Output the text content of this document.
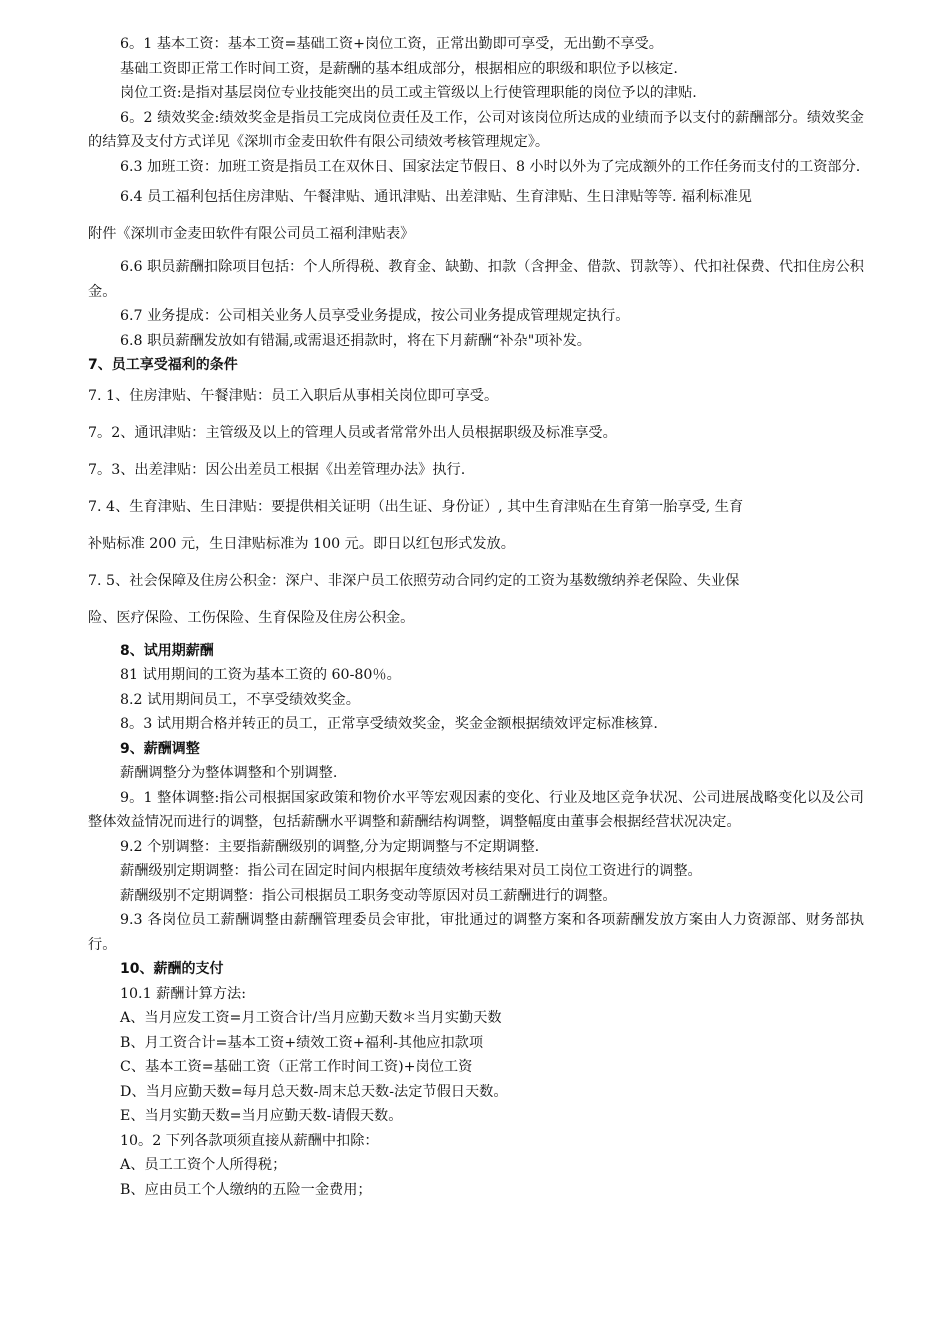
6。1 基本工资：基本工资=基础工资+岗位工资，正常出勤即可享受，无出勤不享受。

基础工资即正常工作时间工资，是薪酬的基本组成部分，根据相应的职级和职位予以核定.

岗位工资:是指对基层岗位专业技能突出的员工或主管级以上行使管理职能的岗位予以的津贴.

6。2 绩效奖金:绩效奖金是指员工完成岗位责任及工作，公司对该岗位所达成的业绩而予以支付的薪酬部分。绩效奖金的结算及支付方式详见《深圳市金麦田软件有限公司绩效考核管理规定》。

6.3 加班工资：加班工资是指员工在双休日、国家法定节假日、8 小时以外为了完成额外的工作任务而支付的工资部分.

6.4 员工福利包括住房津贴、午餐津贴、通讯津贴、出差津贴、生育津贴、生日津贴等等. 福利标准见

附件《深圳市金麦田软件有限公司员工福利津贴表》

6.6 职员薪酬扣除项目包括：个人所得税、教育金、缺勤、扣款（含押金、借款、罚款等）、代扣社保费、代扣住房公积金。

6.7 业务提成：公司相关业务人员享受业务提成，按公司业务提成管理规定执行。

6.8 职员薪酬发放如有错漏,或需退还捐款时，将在下月薪酬“补杂"项补发。

7、员工享受福利的条件

7. 1、住房津贴、午餐津贴：员工入职后从事相关岗位即可享受。

7。2、通讯津贴：主管级及以上的管理人员或者常常外出人员根据职级及标准享受。

7。3、出差津贴：因公出差员工根据《出差管理办法》执行.

7. 4、生育津贴、生日津贴：要提供相关证明（出生证、身份证）, 其中生育津贴在生育第一胎享受, 生育

补贴标准 200 元，生日津贴标准为 100 元。即日以红包形式发放。

7. 5、社会保障及住房公积金：深户、非深户员工依照劳动合同约定的工资为基数缴纳养老保险、失业保

险、医疗保险、工伤保险、生育保险及住房公积金。

8、试用期薪酬

81 试用期间的工资为基本工资的 60-80％。

8.2 试用期间员工，不享受绩效奖金。

8。3 试用期合格并转正的员工，正常享受绩效奖金，奖金金额根据绩效评定标准核算.

9、薪酬调整

薪酬调整分为整体调整和个别调整.

9。1 整体调整:指公司根据国家政策和物价水平等宏观因素的变化、行业及地区竞争状况、公司进展战略变化以及公司整体效益情况而进行的调整，包括薪酬水平调整和薪酬结构调整，调整幅度由董事会根据经营状况决定。

9.2 个别调整：主要指薪酬级别的调整,分为定期调整与不定期调整.

薪酬级别定期调整：指公司在固定时间内根据年度绩效考核结果对员工岗位工资进行的调整。

薪酬级别不定期调整：指公司根据员工职务变动等原因对员工薪酬进行的调整。

9.3 各岗位员工薪酬调整由薪酬管理委员会审批，审批通过的调整方案和各项薪酬发放方案由人力资源部、财务部执行。

10、薪酬的支付

10.1 薪酬计算方法:

A、当月应发工资=月工资合计/当月应勤天数＊当月实勤天数

B、月工资合计=基本工资+绩效工资+福利-其他应扣款项

C、基本工资=基础工资（正常工作时间工资)+岗位工资

D、当月应勤天数=每月总天数-周末总天数-法定节假日天数。

E、当月实勤天数=当月应勤天数-请假天数。

10。2 下列各款项须直接从薪酬中扣除：

A、员工工资个人所得税；

B、应由员工个人缴纳的五险一金费用；
